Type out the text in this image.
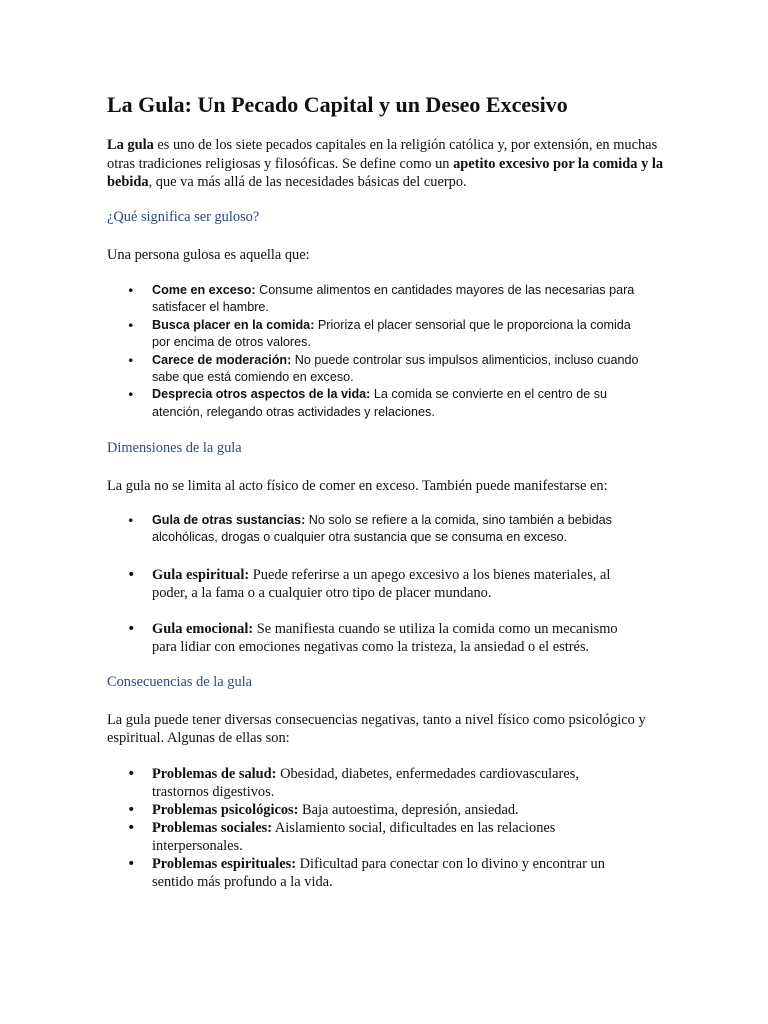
La Gula: Un Pecado Capital y un Deseo Excesivo

La gula es uno de los siete pecados capitales en la religión católica y, por extensión, en muchas otras tradiciones religiosas y filosóficas. Se define como un apetito excesivo por la comida y la bebida, que va más allá de las necesidades básicas del cuerpo.

¿Qué significa ser guloso?

Una persona gulosa es aquella que:

• Come en exceso: Consume alimentos en cantidades mayores de las necesarias para satisfacer el hambre.
• Busca placer en la comida: Prioriza el placer sensorial que le proporciona la comida por encima de otros valores.
• Carece de moderación: No puede controlar sus impulsos alimenticios, incluso cuando sabe que está comiendo en exceso.
• Desprecia otros aspectos de la vida: La comida se convierte en el centro de su atención, relegando otras actividades y relaciones.
Dimensiones de la gula

La gula no se limita al acto físico de comer en exceso. También puede manifestarse en:

• Gula de otras sustancias: No solo se refiere a la comida, sino también a bebidas alcohólicas, drogas o cualquier otra sustancia que se consuma en exceso.
• Gula espiritual: Puede referirse a un apego excesivo a los bienes materiales, al poder, a la fama o a cualquier otro tipo de placer mundano.
• Gula emocional: Se manifiesta cuando se utiliza la comida como un mecanismo para lidiar con emociones negativas como la tristeza, la ansiedad o el estrés.
Consecuencias de la gula

La gula puede tener diversas consecuencias negativas, tanto a nivel físico como psicológico y espiritual. Algunas de ellas son:

• Problemas de salud: Obesidad, diabetes, enfermedades cardiovasculares, trastornos digestivos.
• Problemas psicológicos: Baja autoestima, depresión, ansiedad.
• Problemas sociales: Aislamiento social, dificultades en las relaciones interpersonales.
• Problemas espirituales: Dificultad para conectar con lo divino y encontrar un sentido más profundo a la vida.
